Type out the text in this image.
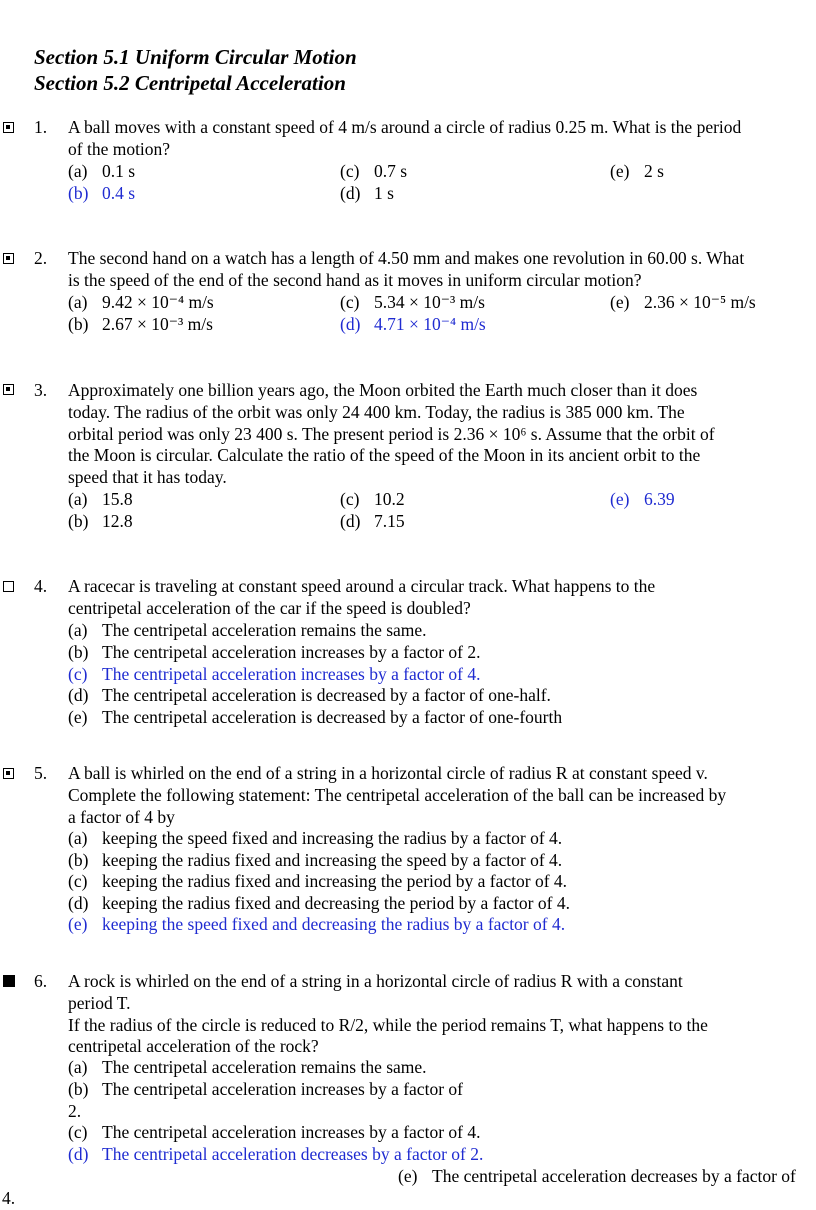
Section 5.1 Uniform Circular Motion
Section 5.2 Centripetal Acceleration
1. A ball moves with a constant speed of 4 m/s around a circle of radius 0.25 m. What is the period
of the motion?
(a) 0.1 s
(b) 0.4 s
(c) 0.7 s
(d) 1 s
(e) 2 s
2. The second hand on a watch has a length of 4.50 mm and makes one revolution in 60.00 s. What
is the speed of the end of the second hand as it moves in uniform circular motion?
(a) 9.42 × 10⁻⁴ m/s
(b) 2.67 × 10⁻³ m/s
(c) 5.34 × 10⁻³ m/s
(d) 4.71 × 10⁻⁴ m/s
(e) 2.36 × 10⁻⁵ m/s
3. Approximately one billion years ago, the Moon orbited the Earth much closer than it does
today. The radius of the orbit was only 24 400 km. Today, the radius is 385 000 km. The
orbital period was only 23 400 s. The present period is 2.36 × 10⁶ s. Assume that the orbit of
the Moon is circular. Calculate the ratio of the speed of the Moon in its ancient orbit to the
speed that it has today.
(a) 15.8
(b) 12.8
(c) 10.2
(d) 7.15
(e) 6.39
4. A racecar is traveling at constant speed around a circular track. What happens to the
centripetal acceleration of the car if the speed is doubled?
(a) The centripetal acceleration remains the same.
(b) The centripetal acceleration increases by a factor of 2.
(c) The centripetal acceleration increases by a factor of 4.
(d) The centripetal acceleration is decreased by a factor of one-half.
(e) The centripetal acceleration is decreased by a factor of one-fourth
5. A ball is whirled on the end of a string in a horizontal circle of radius R at constant speed v.
Complete the following statement: The centripetal acceleration of the ball can be increased by
a factor of 4 by
(a) keeping the speed fixed and increasing the radius by a factor of 4.
(b) keeping the radius fixed and increasing the speed by a factor of 4.
(c) keeping the radius fixed and increasing the period by a factor of 4.
(d) keeping the radius fixed and decreasing the period by a factor of 4.
(e) keeping the speed fixed and decreasing the radius by a factor of 4.
6. A rock is whirled on the end of a string in a horizontal circle of radius R with a constant
period T.
If the radius of the circle is reduced to R/2, while the period remains T, what happens to the
centripetal acceleration of the rock?
(a) The centripetal acceleration remains the same.
(b) The centripetal acceleration increases by a factor of
2.
(c) The centripetal acceleration increases by a factor of 4.
(d) The centripetal acceleration decreases by a factor of 2.
(e) The centripetal acceleration decreases by a factor of
4.
